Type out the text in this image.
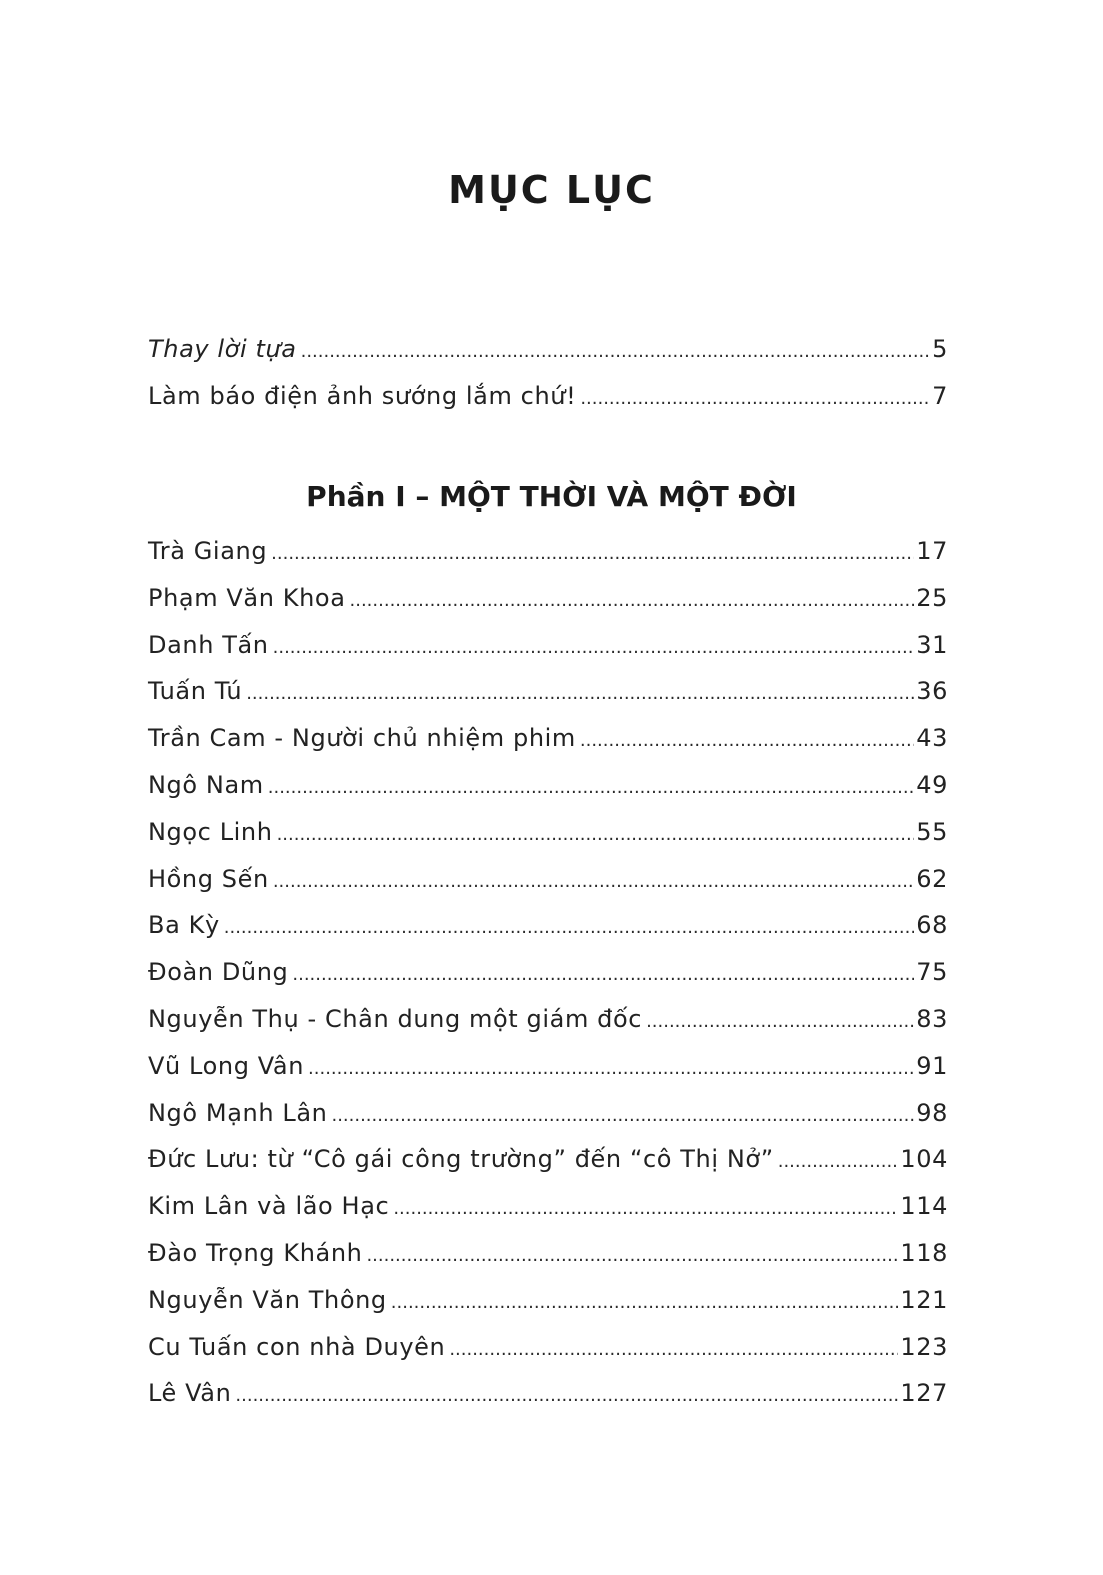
MỤC LỤC
Thay lời tựa .....	5
Làm báo điện ảnh sướng lắm chứ! .....	7
Phần I – MỘT THỜI VÀ MỘT ĐỜI
Trà Giang .....	17
Phạm Văn Khoa .....	25
Danh Tấn .....	31
Tuấn Tú .....	36
Trần Cam - Người chủ nhiệm phim .....	43
Ngô Nam .....	49
Ngọc Linh .....	55
Hồng Sến .....	62
Ba Kỳ .....	68
Đoàn Dũng .....	75
Nguyễn Thụ - Chân dung một giám đốc .....	83
Vũ Long Vân .....	91
Ngô Mạnh Lân .....	98
Đức Lưu: từ “Cô gái công trường” đến “cô Thị Nở” .....	104
Kim Lân và lão Hạc .....	114
Đào Trọng Khánh .....	118
Nguyễn Văn Thông .....	121
Cu Tuấn con nhà Duyên .....	123
Lê Vân .....	127
